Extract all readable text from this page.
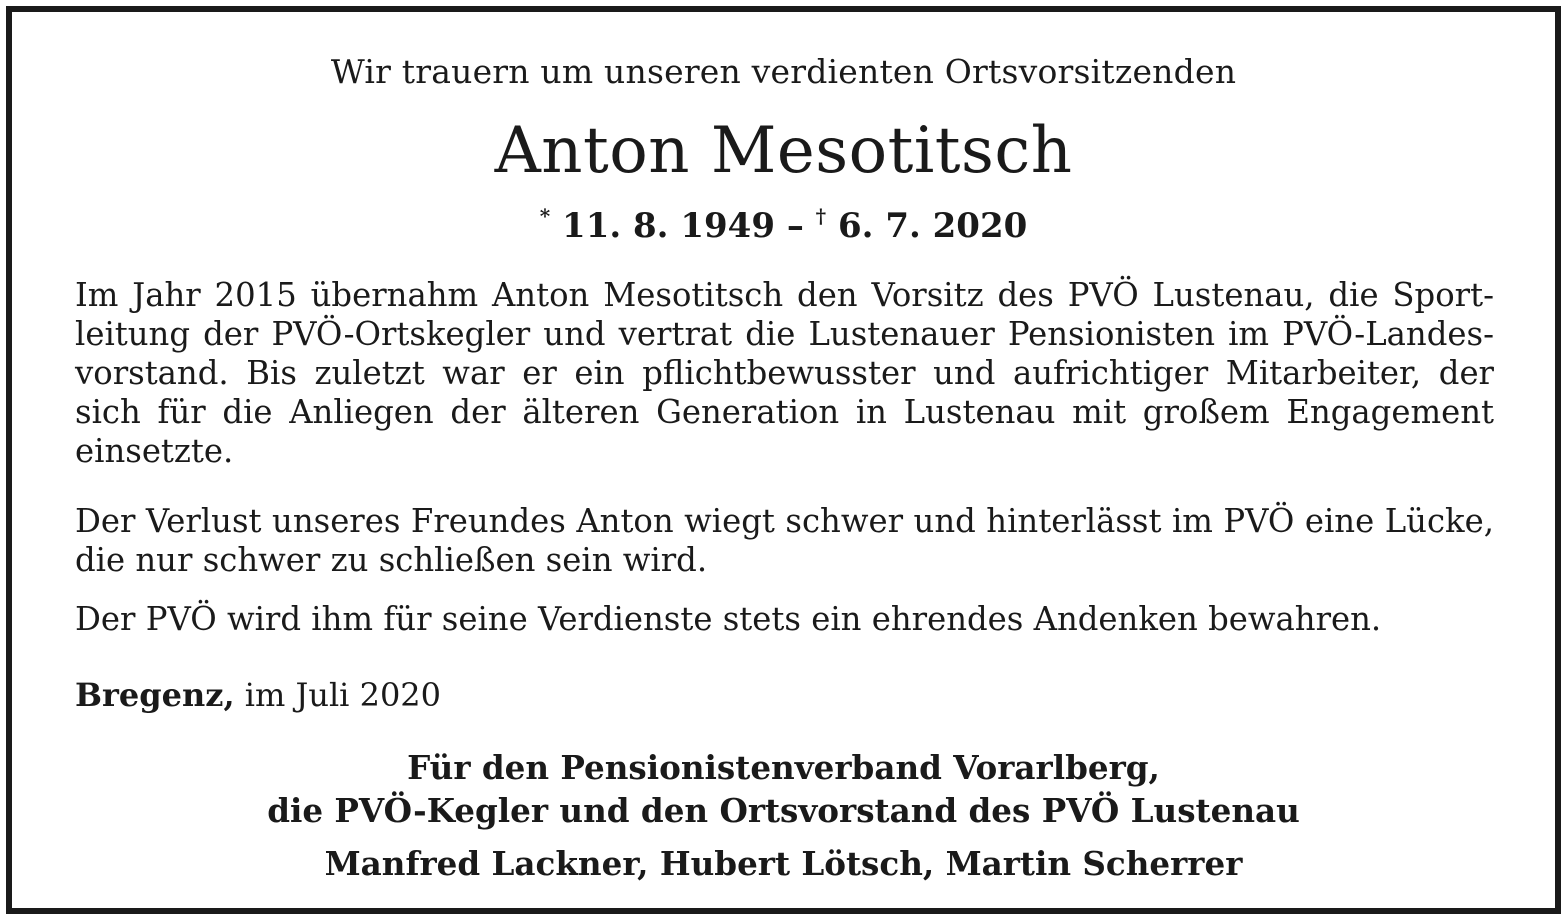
Wir trauern um unseren verdienten Ortsvorsitzenden
Anton Mesotitsch
* 11. 8. 1949 – † 6. 7. 2020
Im Jahr 2015 übernahm Anton Mesotitsch den Vorsitz des PVÖ Lustenau, die Sportleitung der PVÖ-Ortskegler und vertrat die Lustenauer Pensionisten im PVÖ-Landesvorstand. Bis zuletzt war er ein pflichtbewusster und aufrichtiger Mitarbeiter, der sich für die Anliegen der älteren Generation in Lustenau mit großem Engagement einsetzte.
Der Verlust unseres Freundes Anton wiegt schwer und hinterlässt im PVÖ eine Lücke, die nur schwer zu schließen sein wird.
Der PVÖ wird ihm für seine Verdienste stets ein ehrendes Andenken bewahren.
Bregenz, im Juli 2020
Für den Pensionistenverband Vorarlberg,
die PVÖ-Kegler und den Ortsvorstand des PVÖ Lustenau
Manfred Lackner, Hubert Lötsch, Martin Scherrer
